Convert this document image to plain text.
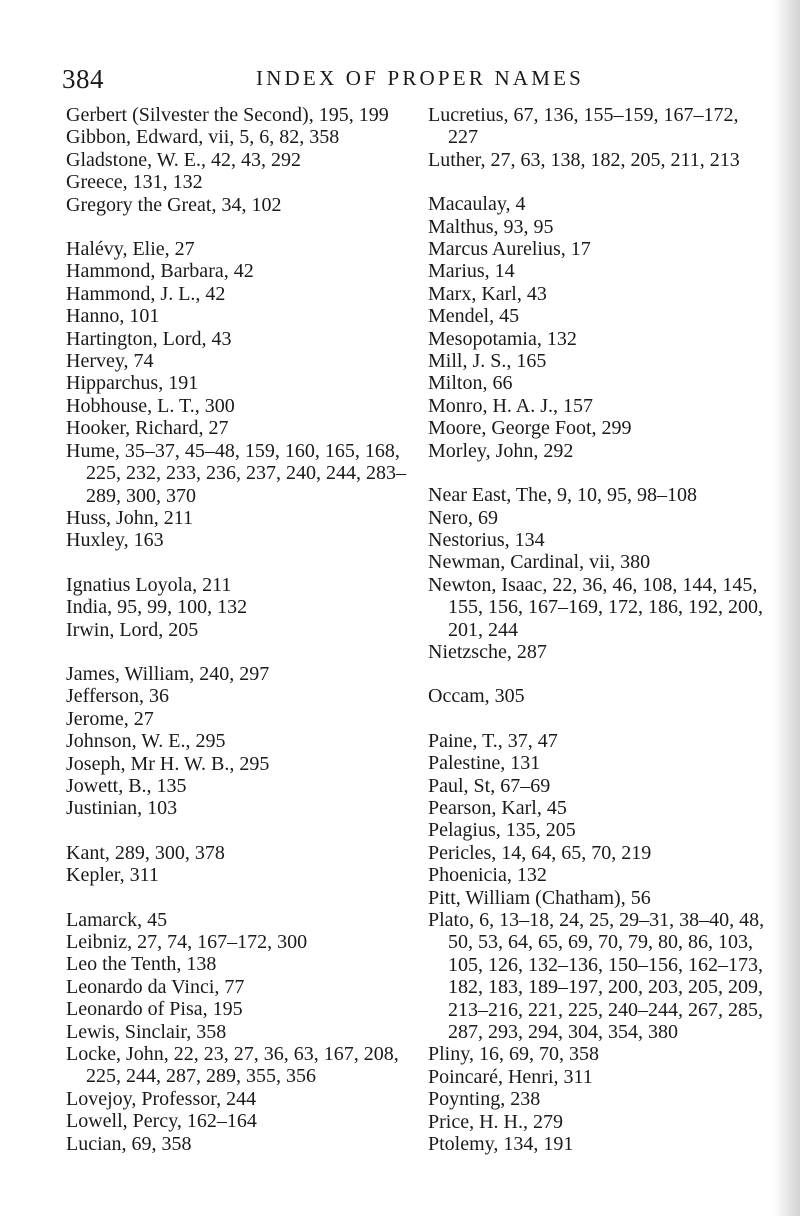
384	INDEX OF PROPER NAMES
Gerbert (Silvester the Second), 195, 199
Gibbon, Edward, vii, 5, 6, 82, 358
Gladstone, W. E., 42, 43, 292
Greece, 131, 132
Gregory the Great, 34, 102
Halévy, Elie, 27
Hammond, Barbara, 42
Hammond, J. L., 42
Hanno, 101
Hartington, Lord, 43
Hervey, 74
Hipparchus, 191
Hobhouse, L. T., 300
Hooker, Richard, 27
Hume, 35–37, 45–48, 159, 160, 165, 168, 225, 232, 233, 236, 237, 240, 244, 283–289, 300, 370
Huss, John, 211
Huxley, 163
Ignatius Loyola, 211
India, 95, 99, 100, 132
Irwin, Lord, 205
James, William, 240, 297
Jefferson, 36
Jerome, 27
Johnson, W. E., 295
Joseph, Mr H. W. B., 295
Jowett, B., 135
Justinian, 103
Kant, 289, 300, 378
Kepler, 311
Lamarck, 45
Leibniz, 27, 74, 167–172, 300
Leo the Tenth, 138
Leonardo da Vinci, 77
Leonardo of Pisa, 195
Lewis, Sinclair, 358
Locke, John, 22, 23, 27, 36, 63, 167, 208, 225, 244, 287, 289, 355, 356
Lovejoy, Professor, 244
Lowell, Percy, 162–164
Lucian, 69, 358
Lucretius, 67, 136, 155–159, 167–172, 227
Luther, 27, 63, 138, 182, 205, 211, 213
Macaulay, 4
Malthus, 93, 95
Marcus Aurelius, 17
Marius, 14
Marx, Karl, 43
Mendel, 45
Mesopotamia, 132
Mill, J. S., 165
Milton, 66
Monro, H. A. J., 157
Moore, George Foot, 299
Morley, John, 292
Near East, The, 9, 10, 95, 98–108
Nero, 69
Nestorius, 134
Newman, Cardinal, vii, 380
Newton, Isaac, 22, 36, 46, 108, 144, 145, 155, 156, 167–169, 172, 186, 192, 200, 201, 244
Nietzsche, 287
Occam, 305
Paine, T., 37, 47
Palestine, 131
Paul, St, 67–69
Pearson, Karl, 45
Pelagius, 135, 205
Pericles, 14, 64, 65, 70, 219
Phoenicia, 132
Pitt, William (Chatham), 56
Plato, 6, 13–18, 24, 25, 29–31, 38–40, 48, 50, 53, 64, 65, 69, 70, 79, 80, 86, 103, 105, 126, 132–136, 150–156, 162–173, 182, 183, 189–197, 200, 203, 205, 209, 213–216, 221, 225, 240–244, 267, 285, 287, 293, 294, 304, 354, 380
Pliny, 16, 69, 70, 358
Poincaré, Henri, 311
Poynting, 238
Price, H. H., 279
Ptolemy, 134, 191
